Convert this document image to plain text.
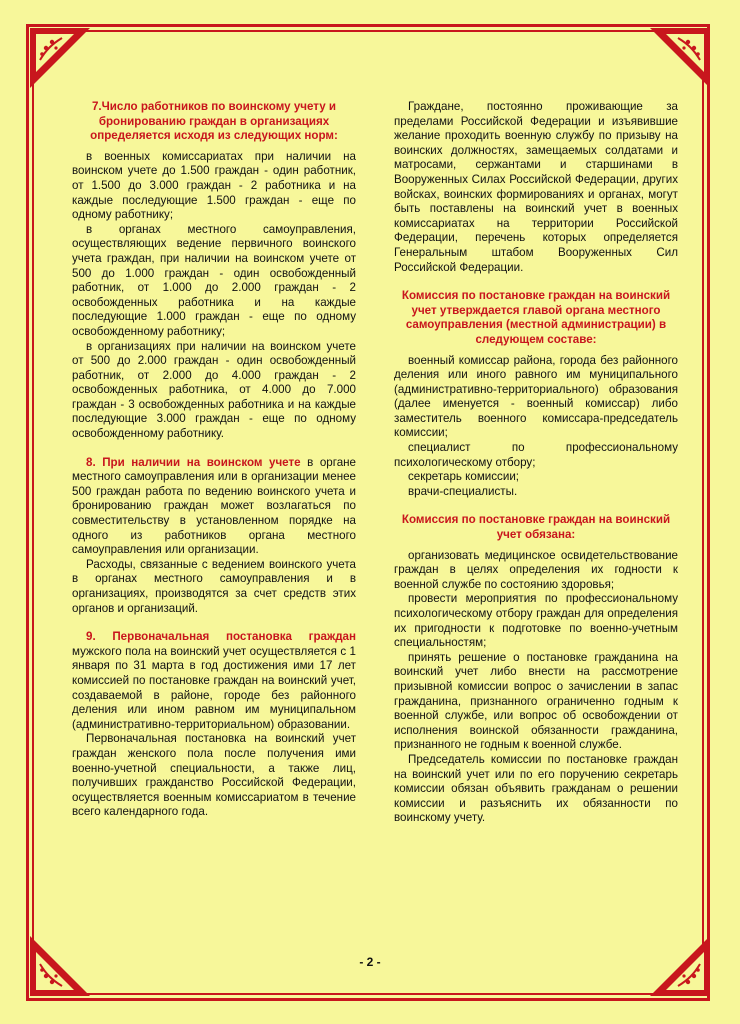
7.Число работников по воинскому учету и бронированию граждан в организациях определяется исходя из следующих норм:

в военных комиссариатах при наличии на воинском учете до 1.500 граждан - один работник, от 1.500 до 3.000 граждан - 2 работника и на каждые последующие 1.500 граждан - еще по одному работнику;

в органах местного самоуправления, осуществляющих ведение первичного воинского учета граждан, при наличии на воинском учете от 500 до 1.000 граждан - один освобожденный работник, от 1.000 до 2.000 граждан - 2 освобожденных работника и на каждые последующие 1.000 граждан - еще по одному освобожденному работнику;

в организациях при наличии на воинском учете от 500 до 2.000 граждан - один освобожденный работник, от 2.000 до 4.000 граждан - 2 освобожденных работника, от 4.000 до 7.000 граждан - 3 освобожденных работника и на каждые последующие 3.000 граждан - еще по одному освобожденному работнику.

8. При наличии на воинском учете в органе местного самоуправления или в организации менее 500 граждан работа по ведению воинского учета и бронированию граждан может возлагаться по совместительству в установленном порядке на одного из работников органа местного самоуправления или организации.

Расходы, связанные с ведением воинского учета в органах местного самоуправления и в организациях, производятся за счет средств этих органов и организаций.

9. Первоначальная постановка граждан мужского пола на воинский учет осуществляется с 1 января по 31 марта в год достижения ими 17 лет комиссией по постановке граждан на воинский учет, создаваемой в районе, городе без районного деления или ином равном им муниципальном (административно-территориальном) образовании.

Первоначальная постановка на воинский учет граждан женского пола после получения ими военно-учетной специальности, а также лиц, получивших гражданство Российской Федерации, осуществляется военным комиссариатом в течение всего календарного года.

Граждане, постоянно проживающие за пределами Российской Федерации и изъявившие желание проходить военную службу по призыву на воинских должностях, замещаемых солдатами и матросами, сержантами и старшинами в Вооруженных Силах Российской Федерации, других войсках, воинских формированиях и органах, могут быть поставлены на воинский учет в военных комиссариатах на территории Российской Федерации, перечень которых определяется Генеральным штабом Вооруженных Сил Российской Федерации.

Комиссия по постановке граждан на воинский учет утверждается главой органа местного самоуправления (местной администрации) в следующем составе:

военный комиссар района, города без районного деления или иного равного им муниципального (административно-территориального) образования (далее именуется - военный комиссар) либо заместитель военного комиссара-председатель комиссии;

специалист по профессиональному психологическому отбору;

секретарь комиссии;

врачи-специалисты.

Комиссия по постановке граждан на воинский учет обязана:

организовать медицинское освидетельствование граждан в целях определения их годности к военной службе по состоянию здоровья;

провести мероприятия по профессиональному психологическому отбору граждан для определения их пригодности к подготовке по военно-учетным специальностям;

принять решение о постановке гражданина на воинский учет либо внести на рассмотрение призывной комиссии вопрос о зачислении в запас гражданина, признанного ограниченно годным к военной службе, или вопрос об освобождении от исполнения воинской обязанности гражданина, признанного не годным к военной службе.

Председатель комиссии по постановке граждан на воинский учет или по его поручению секретарь комиссии обязан объявить гражданам о решении комиссии и разъяснить их обязанности по воинскому учету.

- 2 -
